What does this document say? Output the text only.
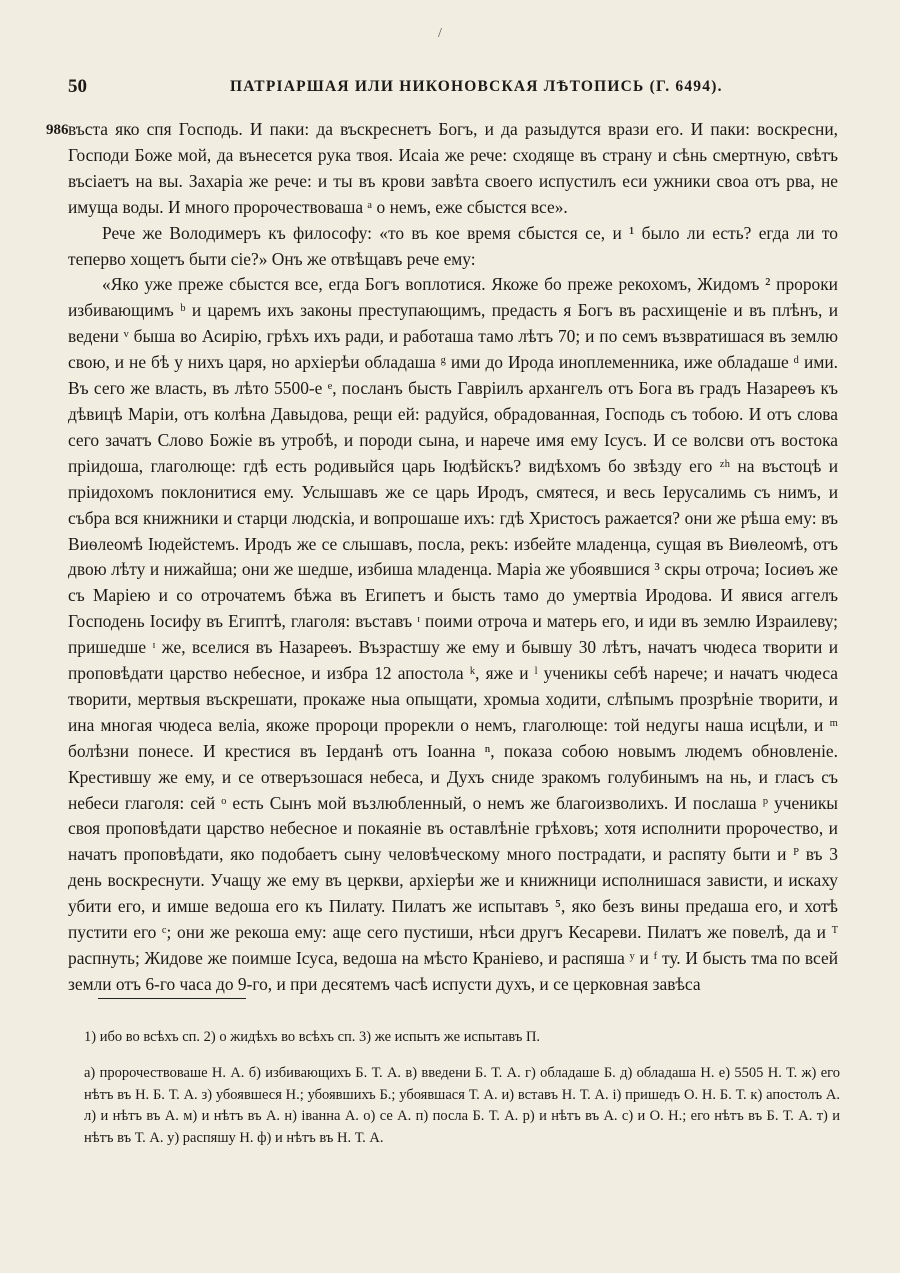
/
50	ПАТРІАРШАЯ ИЛИ НИКОНОВСКАЯ ЛѢТОПИСЬ (Г. 6494).
986 въста яко спя Господь. И паки: да въскреснетъ Богъ, и да разыдутся врази его. И паки: воскресни, Господи Боже мой, да вънесется рука твоя. Исаіа же рече: сходяще въ страну и сѣнь смертную, свѣтъ въсіаетъ на вы. Захаріа же рече: и ты въ крови завѣта своего испустилъ еси ужники свoа отъ рва, не имуща воды. И много пророчествоваша ᵃ о немъ, еже сбыстся все».

Рече же Володимеръ къ философу: «то въ кое время сбыстся се, и ¹ было ли есть? егда ли то теперво хощетъ быти сіе?» Онъ же отвѣщавъ рече ему:

«Яко уже преже сбыстся все, егда Богъ воплотися. Якоже бо преже рекохомъ, Жидомъ ² пророки избивающимъ ᵇ и царемъ ихъ законы преступающимъ, предасть я Богъ въ расхищеніе и въ плѣнъ, и ведени ᵛ быша во Асирію, грѣхъ ихъ ради, и работаша тамо лѣтъ 70; и по семъ възвратишася въ землю свою, и не бѣ у нихъ царя, но архіерѣи обладаша ᵍ ими до Ирода иноплеменника, иже обладаше ᵈ ими. Въ сего же власть, въ лѣто 5500-е ᵉ, посланъ бысть Гавріилъ архангелъ отъ Бога въ градъ Назареѳъ къ дѣвицѣ Маріи, отъ колѣна Давыдова, рещи ей: радуйся, обрадованная, Господь съ тобою. И отъ слова сего зачатъ Слово Божіе въ утробѣ, и породи сына, и нарече имя ему Ісусъ. И се волсви отъ востока пріидоша, глаголюще: гдѣ есть родивыйся царь Іюдѣйскъ? видѣхомъ бо звѣзду его ᶻʰ на въстоцѣ и пріидохомъ поклонитися ему. Услышавъ же се царь Иродъ, смятеся, и весь Іерусалимь съ нимъ, и събра вся книжники и старци людскіа, и вопрошаше ихъ: гдѣ Христосъ ражается? они же рѣша ему: въ Виѳлеомѣ Іюдейстемъ. Иродъ же се слышавъ, посла, рекъ: избейте младенца, сущая въ Виѳлеомѣ, отъ двою лѣту и нижайша; они же шедше, избиша младенца. Маріа же убоявшися ³ скры отроча; Іосиѳъ же съ Маріею и со отрочатемъ бѣжа въ Египетъ и бысть тамо до умертвіа Иродова. И явися аггелъ Господень Іосифу въ Египтѣ, глаголя: въставъ ᶦ поими отроча и матерь его, и иди въ землю Израилеву; пришедше ᶦ же, вселися въ Назареѳъ. Възрастшу же ему и бывшу 30 лѣтъ, начатъ чюдеса творити и проповѣдати царство небесное, и избра 12 апостола ᵏ, яже и ˡ ученикы себѣ нарече; и начатъ чюдеса творити, мертвыя въскрешати, прокаже ныа опыщати, хромыа ходити, слѣпымъ прозрѣніе творити, и ина многая чюдеса веліа, якоже пророци прорекли о немъ, глаголюще: той недугы наша исцѣли, и ᵐ болѣзни понесе. И крестися въ Іерданѣ отъ Іоанна ⁿ, показа собою новымъ людемъ обновленіе. Крестившу же ему, и се отверъзошася небеса, и Духъ сниде зракомъ голубинымъ на нь, и гласъ съ небеси глаголя: сей ᵒ есть Сынъ мой възлюбленный, о немъ же благоизволихъ. И послаша ᵖ ученикы своя проповѣдати царство небесное и покаяніе въ оставлѣніе грѣховъ; хотя исполнити пророчество, и начатъ проповѣдати, яко подобаетъ сыну человѣческому много пострадати, и распяту быти и ᴾ въ 3 день воскреснути. Учащу же ему въ церкви, архіерѣи же и книжници исполнишася зависти, и искаху убити его, и имше ведоша его къ Пилату. Пилатъ же испытавъ ⁵, яко безъ вины предаша его, и хотѣ пустити его ᶜ; они же рекоша ему: аще сего пустиши, нѣси другъ Кесареви. Пилатъ же повелѣ, да и ᵀ распнуть; Жидове же поимше Ісуса, ведоша на мѣсто Краніево, и распяша ʸ и ᶠ ту. И бысть тма по всей земли отъ 6-го часа до 9-го, и при десятемъ часѣ испусти духъ, и се церковная завѣса

1) ибо во всѣхъ сп. 2) о жидѣхъ во всѣхъ сп. 3) же испытъ же испытавъ П.

а) пророчествоваше Н. А. б) избивающихъ Б. Т. А. в) введени Б. Т. А. г) обладаше Б. д) обладаша Н. е) 5505 Н. Т. ж) его нѣтъ въ Н. Б. Т. А. з) убоявшеся Н.; убоявшихъ Б.; убоявшася Т. А. и) вставъ Н. Т. А. і) пришедъ О. Н. Б. Т. к) апостолъ А. л) и нѣтъ въ А. м) и нѣтъ въ А. н) іванна А. о) се А. п) посла Б. Т. А. р) и нѣтъ въ А. с) и О. Н.; его нѣтъ въ Б. Т. А. т) и нѣтъ въ Т. А. у) распяшу Н. ф) и нѣтъ въ Н. Т. А.
